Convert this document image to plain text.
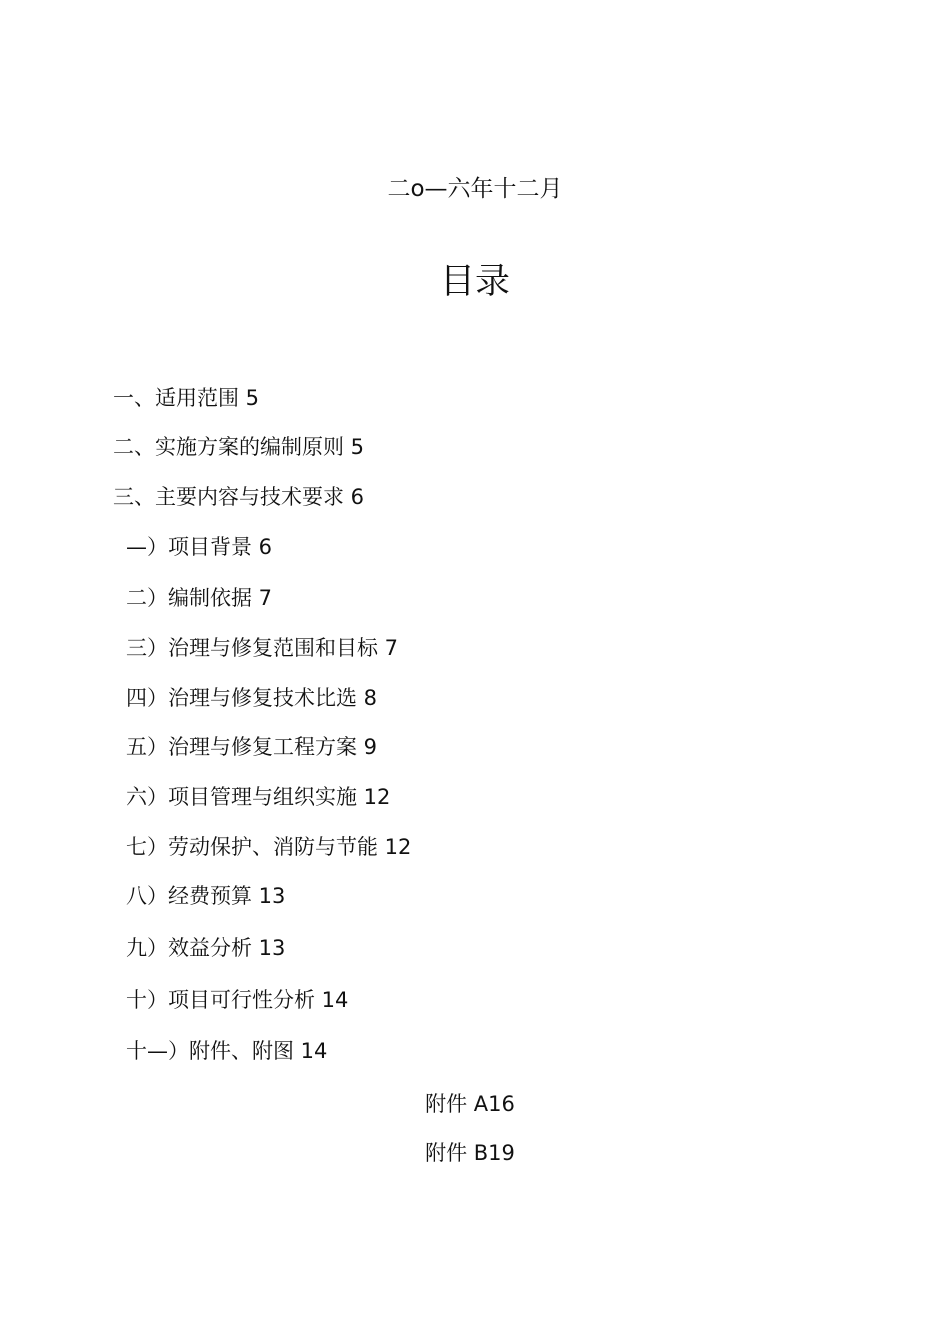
二o—六年十二月
目录
一、适用范围 5
二、实施方案的编制原则 5
三、主要内容与技术要求 6
—）项目背景 6
二）编制依据 7
三）治理与修复范围和目标 7
四）治理与修复技术比选 8
五）治理与修复工程方案 9
六）项目管理与组织实施 12
七）劳动保护、消防与节能 12
八）经费预算 13
九）效益分析 13
十）项目可行性分析 14
十—）附件、附图 14
附件 A16
附件 B19
